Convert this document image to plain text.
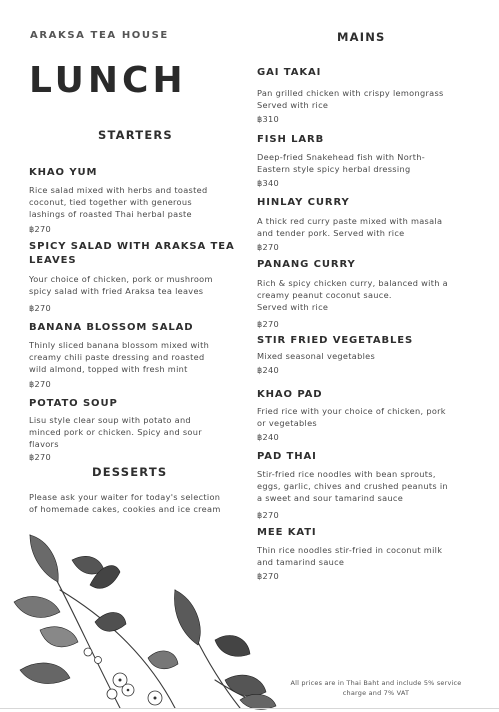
ARAKSA TEA HOUSE
LUNCH
STARTERS
KHAO YUM
Rice salad mixed with herbs and toasted
coconut, tied together with generous
lashings of roasted Thai herbal paste
฿270
SPICY SALAD WITH ARAKSA TEA
LEAVES
Your choice of chicken, pork or mushroom
spicy salad with fried Araksa tea leaves
฿270
BANANA BLOSSOM SALAD
Thinly sliced banana blossom mixed with
creamy chili paste dressing and roasted
wild almond, topped with fresh mint
฿270
POTATO SOUP
Lisu style clear soup with potato and
minced pork or chicken. Spicy and sour
flavors
฿270
DESSERTS
Please ask your waiter for today's selection
of homemade cakes, cookies and ice cream
MAINS
GAI TAKAI
Pan grilled chicken with crispy lemongrass
Served with rice
฿310
FISH LARB
Deep-fried Snakehead fish with North-
Eastern style spicy herbal dressing
฿340
HINLAY CURRY
A thick red curry paste mixed with masala
and tender pork. Served with rice
฿270
PANANG CURRY
Rich & spicy chicken curry, balanced with a
creamy peanut coconut sauce.
Served with rice
฿270
STIR FRIED VEGETABLES
Mixed seasonal vegetables
฿240
KHAO PAD
Fried rice with your choice of chicken, pork
or vegetables
฿240
PAD THAI
Stir-fried rice noodles with bean sprouts,
eggs, garlic, chives and crushed peanuts in
a sweet and sour tamarind sauce
฿270
MEE KATI
Thin rice noodles stir-fried in coconut milk
and tamarind sauce
฿270
All prices are in Thai Baht and include 5% service
charge and 7% VAT
